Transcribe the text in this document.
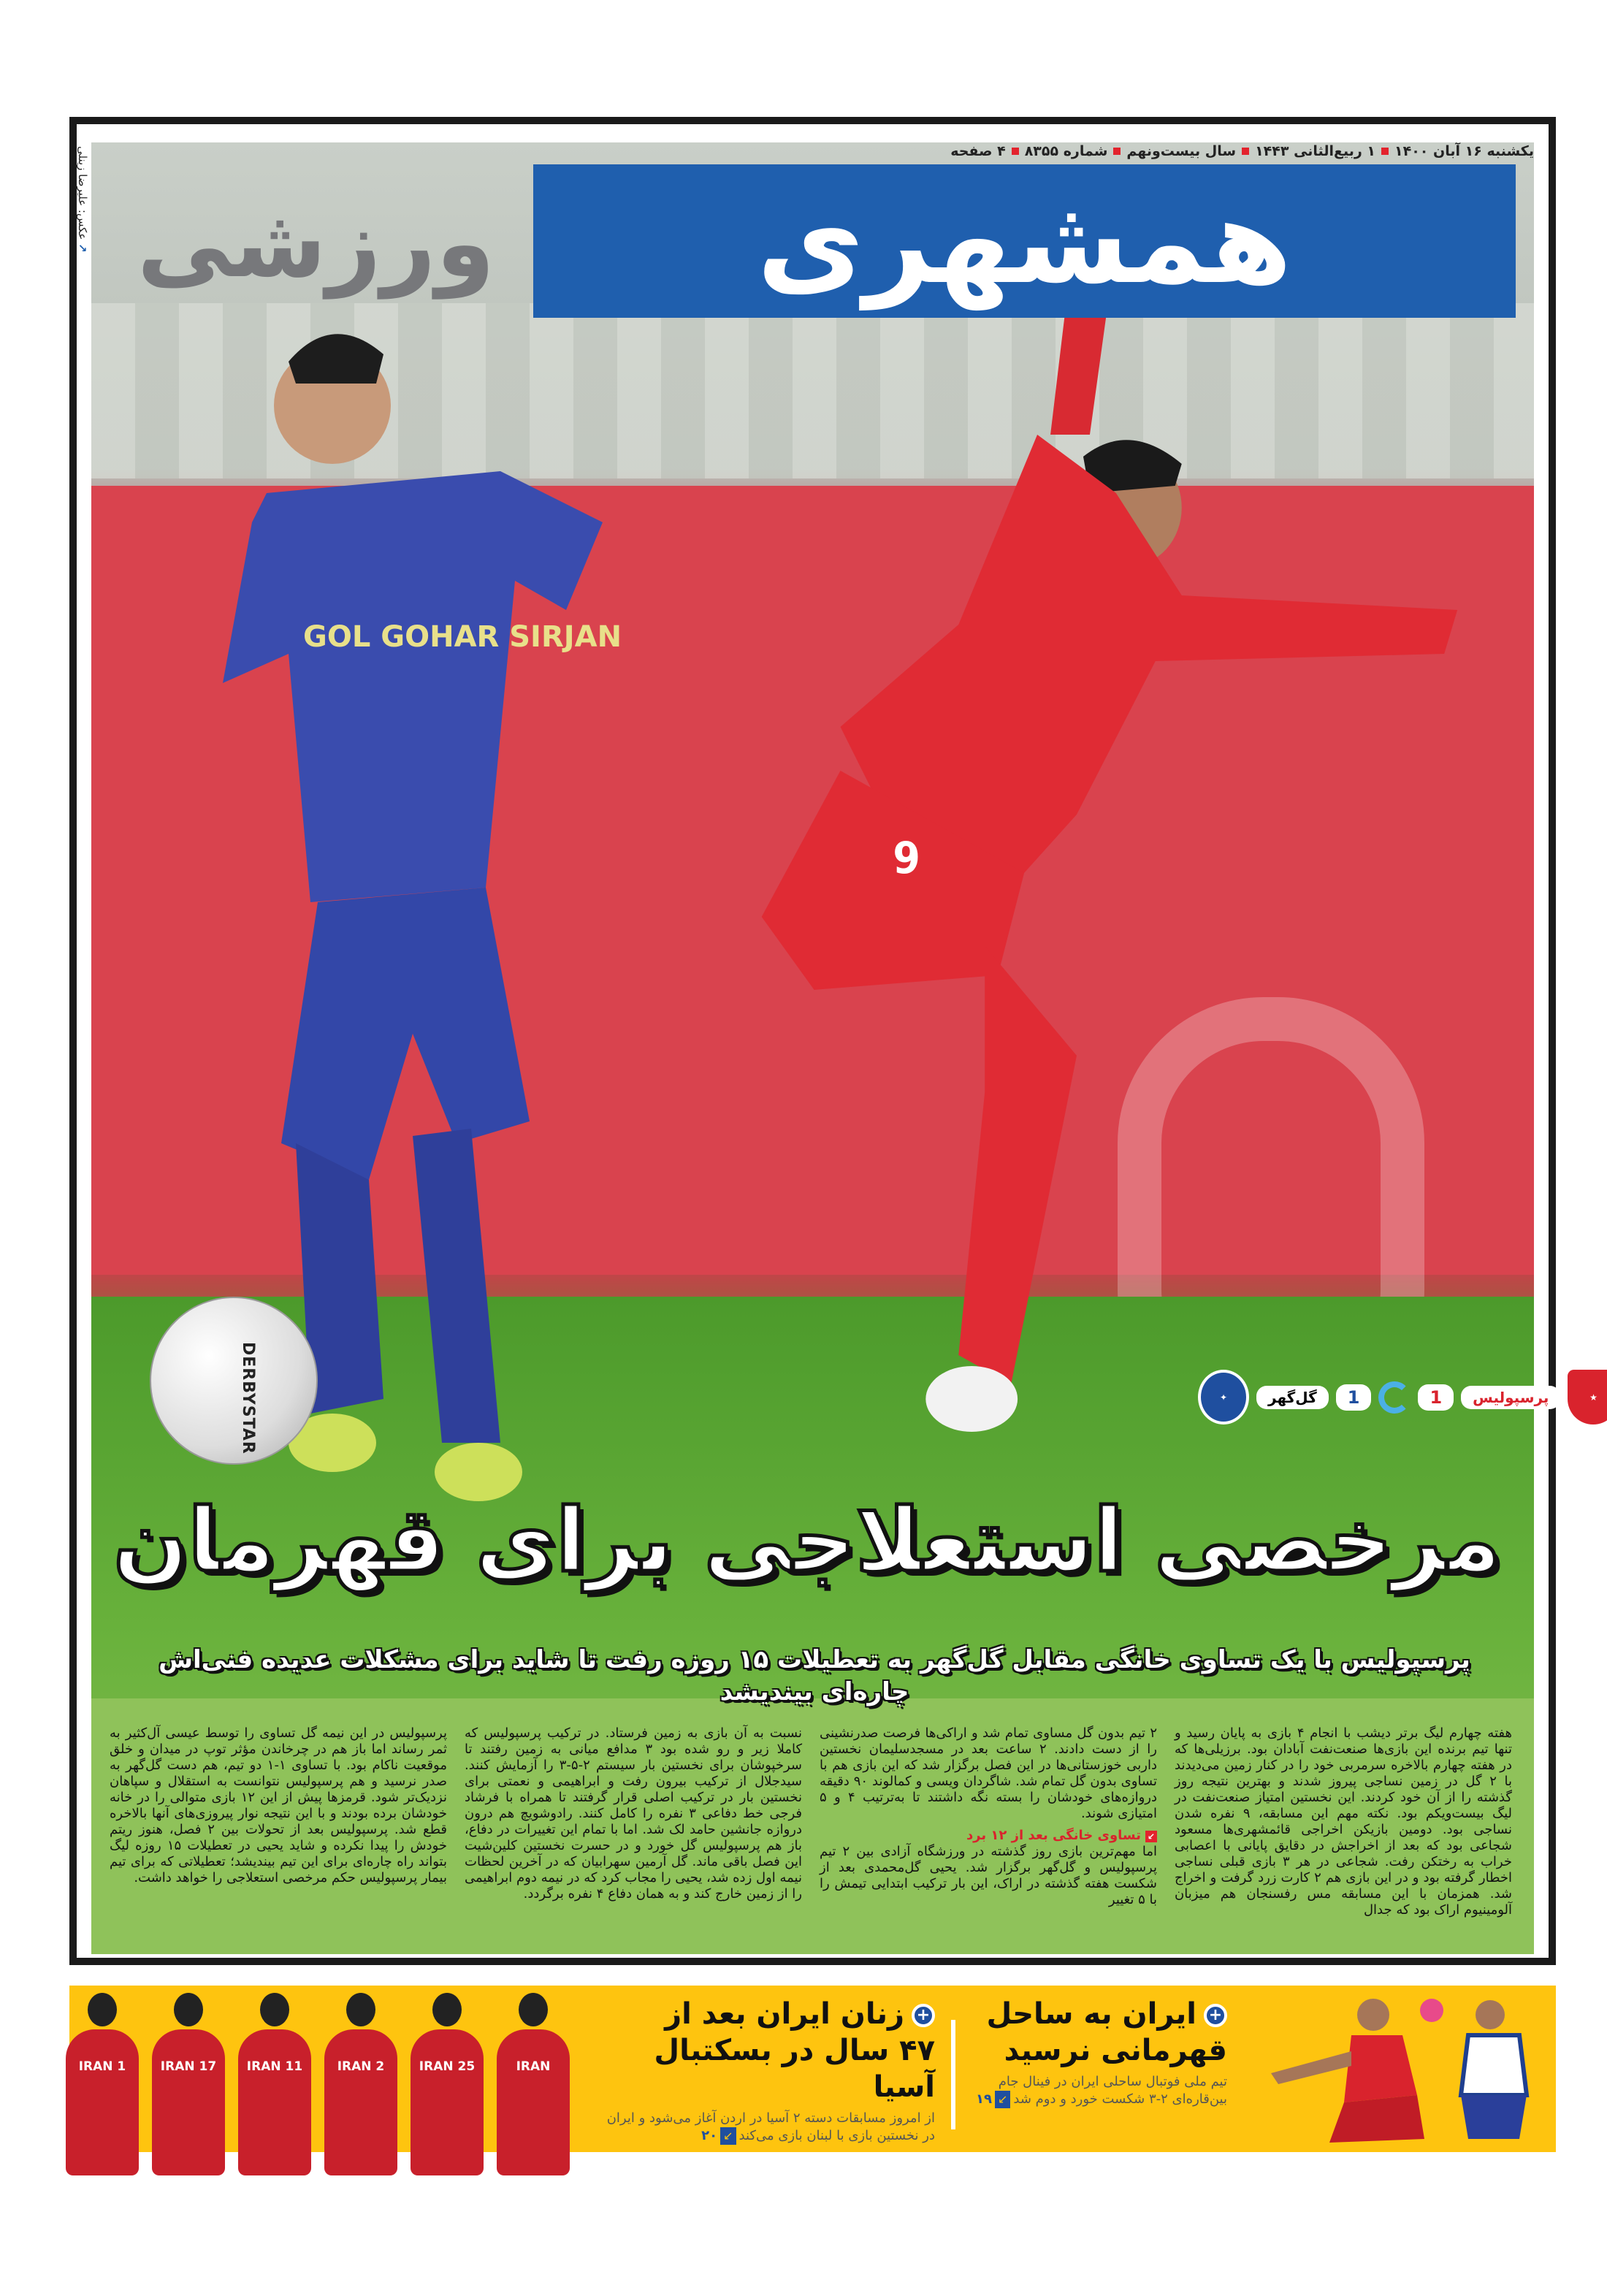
GOL GOHAR SIRJAN
9
DERBYSTAR
همشهری
ورزشی
یکشنبه ۱۶ آبان ۱۴۰۰
۱ ربیع‌الثانی ۱۴۴۳
سال بیست‌ونهم
شماره ۸۳۵۵
۴ صفحه
↗ عکس: علیرضا زینلی
✦	گل‌گهر	1	1	پرسپولیس	★
مرخصی استعلاجی برای قهرمان
پرسپولیس با یک تساوی خانگی مقابل گل‌گهر به تعطیلات ۱۵ روزه رفت تا شاید برای مشکلات عدیده فنی‌اش چاره‌ای بیندیشد
هفته چهارم لیگ برتر دیشب با انجام ۴ بازی به پایان رسید و تنها تیم برنده این بازی‌ها صنعت‌نفت آبادان بود. برزیلی‌ها که در هفته چهارم بالاخره سرمربی خود را در کنار زمین می‌دیدند با ۲ گل در زمین نساجی پیروز شدند و بهترین نتیجه روز گذشته را از آن خود کردند. این نخستین امتیاز صنعت‌نفت در لیگ بیست‌ویکم بود. نکته مهم این مسابقه، ۹ نفره شدن نساجی بود. دومین بازیکن اخراجی قائمشهری‌ها مسعود شجاعی بود که بعد از اخراجش در دقایق پایانی با اعصابی خراب به رختکن رفت. شجاعی در هر ۳ بازی قبلی نساجی اخطار گرفته بود و در این بازی هم ۲ کارت زرد گرفت و اخراج شد. همزمان با این مسابقه مس رفسنجان هم میزبان آلومینیوم اراک بود که جدال
۲ تیم بدون گل مساوی تمام شد و اراکی‌ها فرصت صدرنشینی را از دست دادند. ۲ ساعت بعد در مسجدسلیمان نخستین داربی خوزستانی‌ها در این فصل برگزار شد که این بازی هم با تساوی بدون گل تمام شد. شاگردان ویسی و کمالوند ۹۰ دقیقه دروازه‌های خودشان را بسته نگه داشتند تا به‌ترتیب ۴ و ۵ امتیازی شوند.
↙تساوی خانگی بعد از ۱۲ برد
اما مهم‌ترین بازی روز گذشته در ورزشگاه آزادی بین ۲ تیم پرسپولیس و گل‌گهر برگزار شد. یحیی گل‌محمدی بعد از شکست هفته گذشته در اراک، این بار ترکیب ابتدایی تیمش را با ۵ تغییر
نسبت به آن بازی به زمین فرستاد. در ترکیب پرسپولیس که کاملا زیر و رو شده بود ۳ مدافع میانی به زمین رفتند تا سرخپوشان برای نخستین بار سیستم ۲-۵-۳ را آزمایش کنند. سیدجلال از ترکیب بیرون رفت و ابراهیمی و نعمتی برای نخستین بار در ترکیب اصلی قرار گرفتند تا همراه با فرشاد فرجی خط دفاعی ۳ نفره را کامل کنند. رادوشویچ هم درون دروازه جانشین حامد لک شد. اما با تمام این تغییرات در دفاع، باز هم پرسپولیس گل خورد و در حسرت نخستین کلین‌شیت این فصل باقی ماند. گل آرمین سهرابیان که در آخرین لحظات نیمه اول زده شد، یحیی را مجاب کرد که در نیمه دوم ابراهیمی را از زمین خارج کند و به همان دفاع ۴ نفره برگردد.
پرسپولیس در این نیمه گل تساوی را توسط عیسی آل‌کثیر به ثمر رساند اما باز هم در چرخاندن مؤثر توپ در میدان و خلق موقعیت ناکام بود. با تساوی ۱-۱ دو تیم، هم دست گل‌گهر به صدر نرسید و هم پرسپولیس نتوانست به استقلال و سپاهان نزدیک‌تر شود. قرمزها پیش از این ۱۲ بازی متوالی را در خانه خودشان برده بودند و با این نتیجه نوار پیروزی‌های آنها بالاخره قطع شد. پرسپولیس بعد از تحولات بین ۲ فصل، هنوز ریتم خودش را پیدا نکرده و شاید یحیی در تعطیلات ۱۵ روزه لیگ بتواند راه چاره‌ای برای این تیم بیندیشد؛ تعطیلاتی که برای تیم بیمار پرسپولیس حکم مرخصی استعلاجی را خواهد داشت.
+ایران به ساحل
قهرمانی نرسید
تیم ملی فوتبال ساحلی ایران در فینال جام بین‌قاره‌ای ۲-۳ شکست خورد و دوم شد↙۱۹
+زنان ایران بعد از
۴۷ سال در بسکتبال آسیا
از امروز مسابقات دسته ۲ آسیا در اردن آغاز می‌شود و ایران در نخستین بازی با لبنان بازی می‌کند↙۲۰
IRAN 1	IRAN 17	IRAN 11	IRAN 2	IRAN 25	IRAN
